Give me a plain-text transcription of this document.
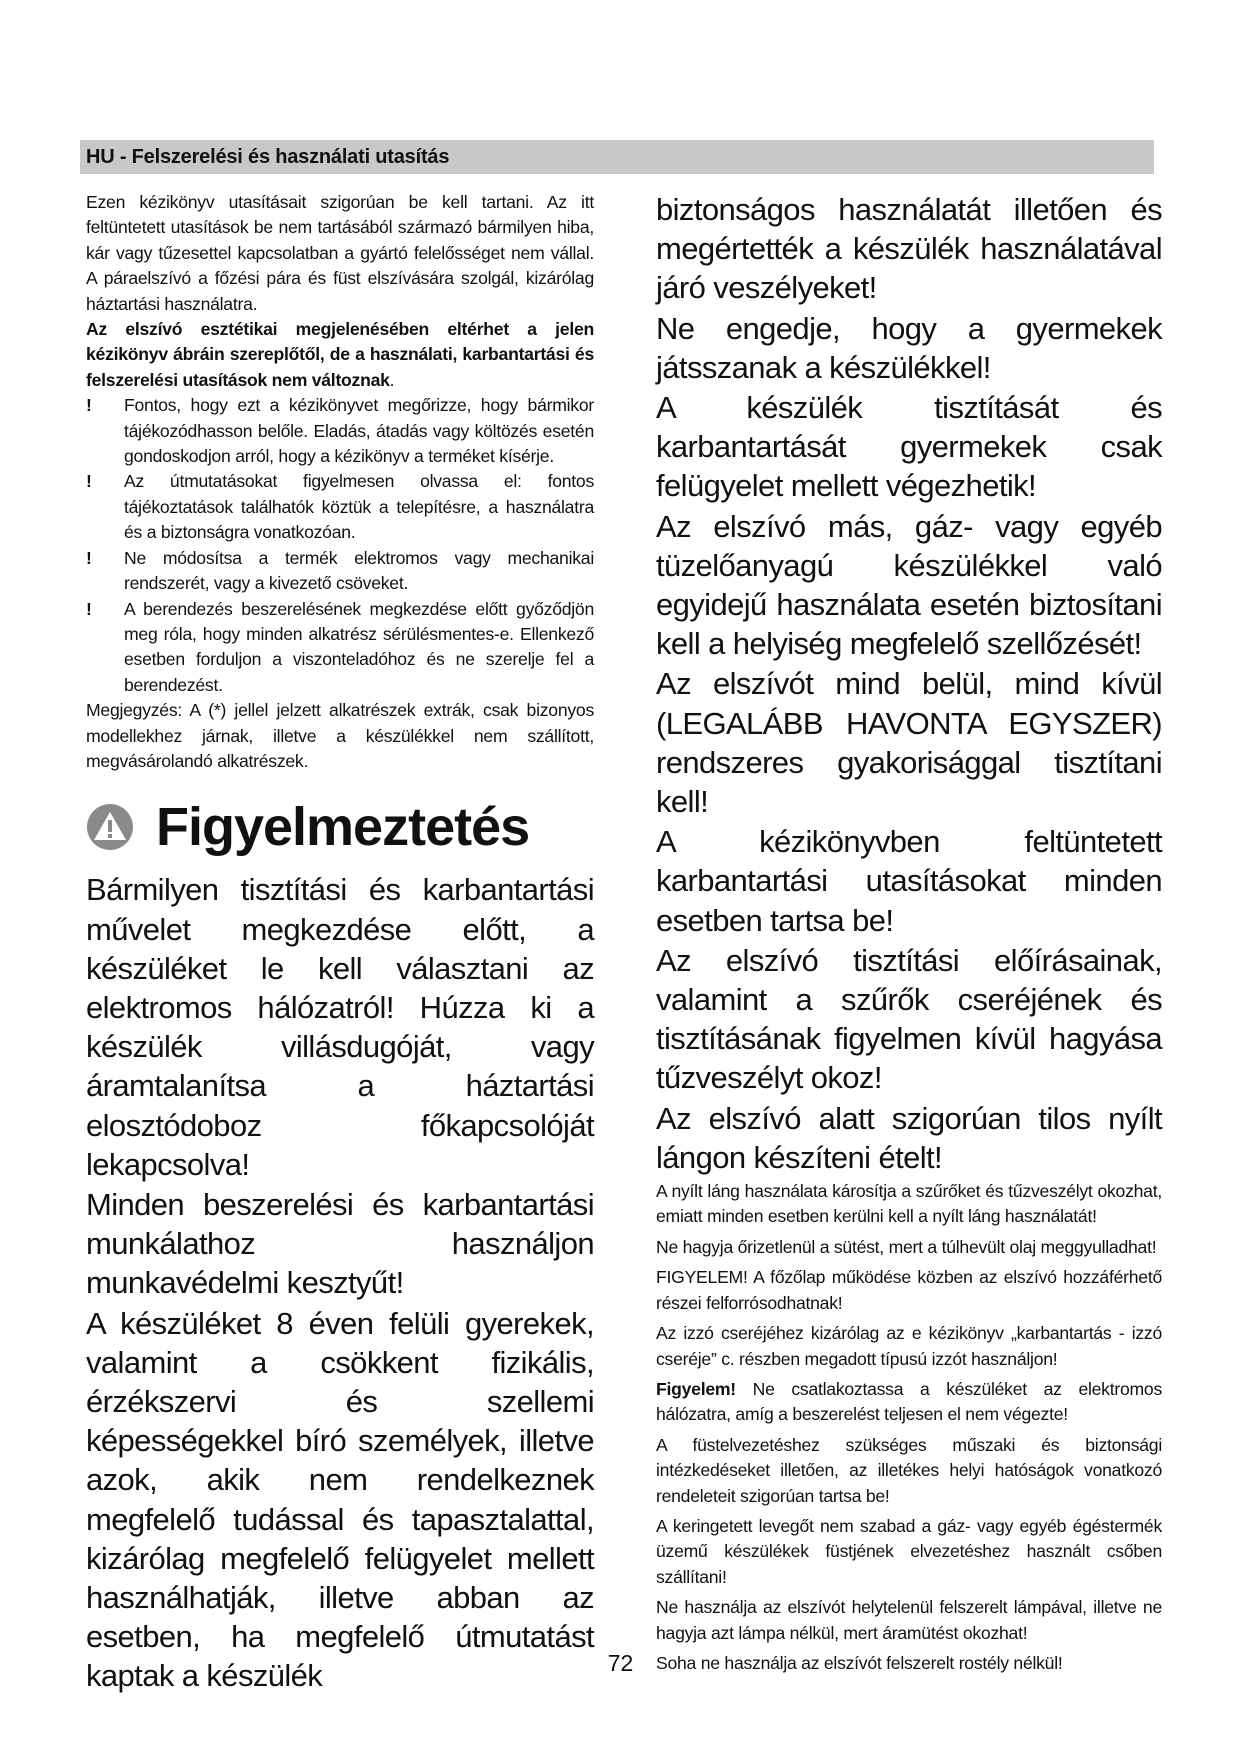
HU - Felszerelési és használati utasítás

Ezen kézikönyv utasításait szigorúan be kell tartani. Az itt feltüntetett utasítások be nem tartásából származó bármilyen hiba, kár vagy tűzesettel kapcsolatban a gyártó felelősséget nem vállal. A páraelszívó a főzési pára és füst elszívására szolgál, kizárólag háztartási használatra.

Az elszívó esztétikai megjelenésében eltérhet a jelen kézikönyv ábráin szereplőtől, de a használati, karbantartási és felszerelési utasítások nem változnak.

! Fontos, hogy ezt a kézikönyvet megőrizze, hogy bármikor tájékozódhasson belőle. Eladás, átadás vagy költözés esetén gondoskodjon arról, hogy a kézikönyv a terméket kísérje.

! Az útmutatásokat figyelmesen olvassa el: fontos tájékoztatások találhatók köztük a telepítésre, a használatra és a biztonságra vonatkozóan.

! Ne módosítsa a termék elektromos vagy mechanikai rendszerét, vagy a kivezető csöveket.

! A berendezés beszerelésének megkezdése előtt győződjön meg róla, hogy minden alkatrész sérülésmentes-e. Ellenkező esetben forduljon a viszonteladóhoz és ne szerelje fel a berendezést.

Megjegyzés: A (*) jellel jelzett alkatrészek extrák, csak bizonyos modellekhez járnak, illetve a készülékkel nem szállított, megvásárolandó alkatrészek.

Figyelmeztetés

Bármilyen tisztítási és karbantartási művelet megkezdése előtt, a készüléket le kell választani az elektromos hálózatról! Húzza ki a készülék villásdugóját, vagy áramtalanítsa a háztartási elosztódoboz főkapcsolóját lekapcsolva!

Minden beszerelési és karbantartási munkálathoz használjon munkavédelmi kesztyűt!

A készüléket 8 éven felüli gyerekek, valamint a csökkent fizikális, érzékszervi és szellemi képességekkel bíró személyek, illetve azok, akik nem rendelkeznek megfelelő tudással és tapasztalattal, kizárólag megfelelő felügyelet mellett használhatják, illetve abban az esetben, ha megfelelő útmutatást kaptak a készülék

biztonságos használatát illetően és megértették a készülék használatával járó veszélyeket!

Ne engedje, hogy a gyermekek játsszanak a készülékkel!

A készülék tisztítását és karbantartását gyermekek csak felügyelet mellett végezhetik!

Az elszívó más, gáz- vagy egyéb tüzelőanyagú készülékkel való egyidejű használata esetén biztosítani kell a helyiség megfelelő szellőzését!

Az elszívót mind belül, mind kívül (LEGALÁBB HAVONTA EGYSZER) rendszeres gyakorisággal tisztítani kell!

A kézikönyvben feltüntetett karbantartási utasításokat minden esetben tartsa be!

Az elszívó tisztítási előírásainak, valamint a szűrők cseréjének és tisztításának figyelmen kívül hagyása tűzveszélyt okoz!

Az elszívó alatt szigorúan tilos nyílt lángon készíteni ételt!

A nyílt láng használata károsítja a szűrőket és tűzveszélyt okozhat, emiatt minden esetben kerülni kell a nyílt láng használatát!

Ne hagyja őrizetlenül a sütést, mert a túlhevült olaj meggyulladhat!

FIGYELEM! A főzőlap működése közben az elszívó hozzáférhető részei felforrósodhatnak!

Az izzó cseréjéhez kizárólag az e kézikönyv „karbantartás - izzó cseréje” c. részben megadott típusú izzót használjon!

Figyelem! Ne csatlakoztassa a készüléket az elektromos hálózatra, amíg a beszerelést teljesen el nem végezte!

A füstelvezetéshez szükséges műszaki és biztonsági intézkedéseket illetően, az illetékes helyi hatóságok vonatkozó rendeleteit szigorúan tartsa be!

A keringetett levegőt nem szabad a gáz- vagy egyéb égéstermék üzemű készülékek füstjének elvezetéshez használt csőben szállítani!

Ne használja az elszívót helytelenül felszerelt lámpával, illetve ne hagyja azt lámpa nélkül, mert áramütést okozhat!

Soha ne használja az elszívót felszerelt rostély nélkül!

72
